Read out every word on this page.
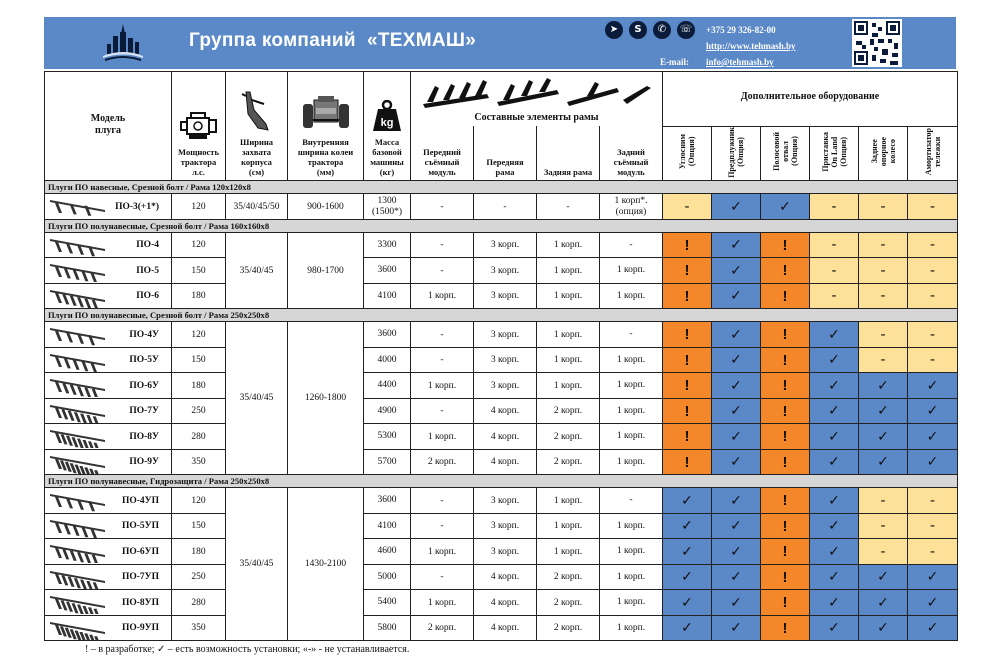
Группа компаний  «ТЕХМАШ»
➤	S	✆	☏	+375 29 326-82-00
http://www.tehmash.by
E-mail: info@tehmash.by
Модель
плуга	Мощность
трактора
л.с.	Ширина
захвата
корпуса
(см)	Внутренняя
ширина колеи
трактора
(мм)	kg

Масса
базовой
машины
(кг)	Составные элементы рамы				Дополнительное оборудование					
					Передний
съёмный
модуль	Передняя
рама	Задняя рама	Задний
съёмный
модуль	Углосним
(Опция)	Предплужник
(Опция)	Полосовой
отвал
(Опция)	Приставка
On Land
(Опция)	Заднее
опорное
колесо	Амортизатор
тележки

Плуги ПО навесные, Срезной болт / Рама 120х120х8														

ПО-3(+1*)	120	35/40/45/50	900-1600	1300
(1500*)	-	-	-	1 корп*.
(опция)	-	✓	✓	-	-	-
Плуги ПО полунавесные, Срезной болт / Рама 160х160х8														

ПО-4	120	35/40/45	980-1700	3300	-	3 корп.	1 корп.	-	!	✓	!	-	-	-

ПО-5	150			3600	-	3 корп.	1 корп.	1 корп.	!	✓	!	-	-	-

ПО-6	180			4100	1 корп.	3 корп.	1 корп.	1 корп.	!	✓	!	-	-	-
Плуги ПО полунавесные, Срезной болт / Рама 250х250х8														

ПО-4У	120	35/40/45	1260-1800	3600	-	3 корп.	1 корп.	-	!	✓	!	✓	-	-

ПО-5У	150			4000	-	3 корп.	1 корп.	1 корп.	!	✓	!	✓	-	-

ПО-6У	180			4400	1 корп.	3 корп.	1 корп.	1 корп.	!	✓	!	✓	✓	✓

ПО-7У	250			4900	-	4 корп.	2 корп.	1 корп.	!	✓	!	✓	✓	✓

ПО-8У	280			5300	1 корп.	4 корп.	2 корп.	1 корп.	!	✓	!	✓	✓	✓

ПО-9У	350			5700	2 корп.	4 корп.	2 корп.	1 корп.	!	✓	!	✓	✓	✓
Плуги ПО полунавесные, Гидрозащита / Рама 250х250х8														

ПО-4УП	120	35/40/45	1430-2100	3600	-	3 корп.	1 корп.	-	✓	✓	!	✓	-	-

ПО-5УП	150			4100	-	3 корп.	1 корп.	1 корп.	✓	✓	!	✓	-	-

ПО-6УП	180			4600	1 корп.	3 корп.	1 корп.	1 корп.	✓	✓	!	✓	-	-

ПО-7УП	250			5000	-	4 корп.	2 корп.	1 корп.	✓	✓	!	✓	✓	✓

ПО-8УП	280			5400	1 корп.	4 корп.	2 корп.	1 корп.	✓	✓	!	✓	✓	✓

ПО-9УП	350			5800	2 корп.	4 корп.	2 корп.	1 корп.	✓	✓	!	✓	✓	✓
! – в разработке; ✓ – есть возможность установки; «-» - не устанавливается.
